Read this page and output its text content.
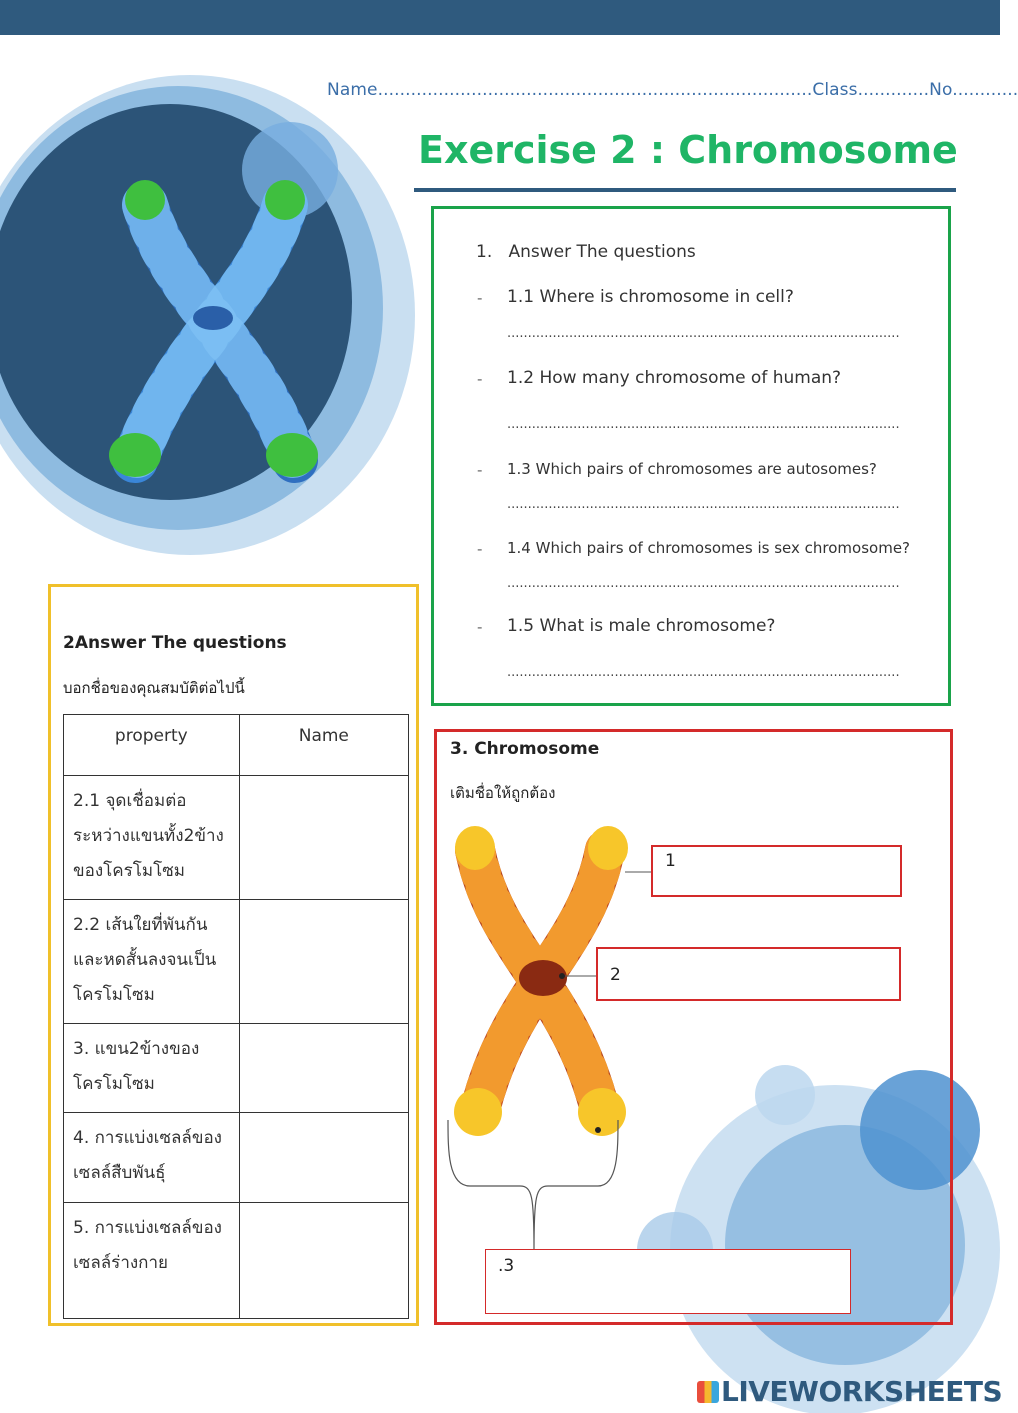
Name...............................................................................Class.............No............
Exercise 2 : Chromosome
1. Answer The questions
- 1.1 Where is chromosome in cell?
...............................................................................................
- 1.2 How many chromosome of human?
...............................................................................................
- 1.3 Which pairs of chromosomes are autosomes?
...............................................................................................
- 1.4 Which pairs of chromosomes is sex chromosome?
...............................................................................................
- 1.5 What is male chromosome?
...............................................................................................
2Answer The questions
บอกชื่อของคุณสมบัติต่อไปนี้
property	Name

2.1 จุดเชื่อมต่อ
ระหว่างแขนทั้ง2ข้าง
ของโครโมโซม	

2.2 เส้นใยที่พันกัน
และหดสั้นลงจนเป็น
โครโมโซม	

3. แขน2ข้างของ
โครโมโซม	

4. การแบ่งเซลล์ของ
เซลล์สืบพันธุ์	

5. การแบ่งเซลล์ของ
เซลล์ร่างกาย	

3. Chromosome
เติมชื่อให้ถูกต้อง
1
2
.3
LIVEWORKSHEETS
